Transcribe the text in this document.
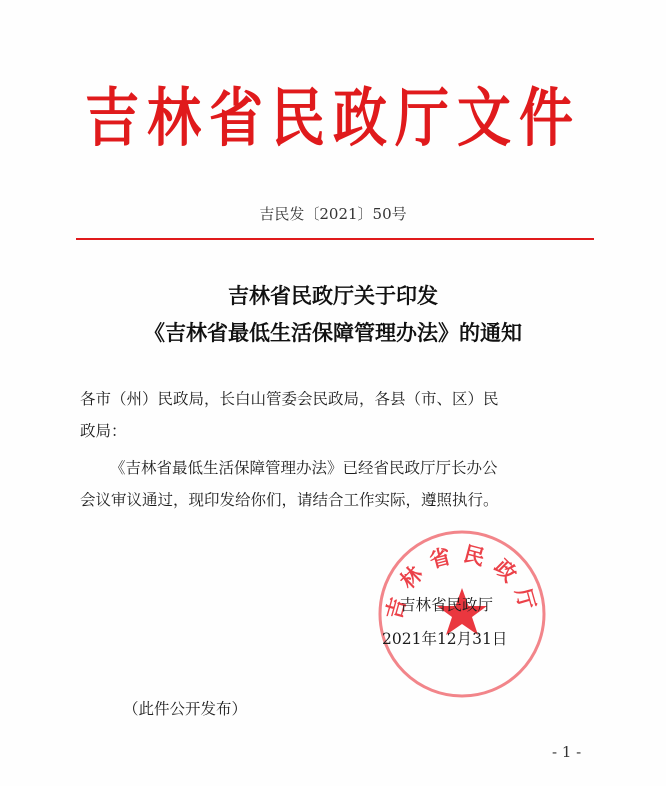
吉林省民政厅文件
吉民发〔2021〕50号
吉林省民政厅关于印发
《吉林省最低生活保障管理办法》的通知
各市（州）民政局，长白山管委会民政局，各县（市、区）民
政局：
《吉林省最低生活保障管理办法》已经省民政厅厅长办公
会议审议通过，现印发给你们，请结合工作实际，遵照执行。
吉林省民政厅
吉林省民政厅
2021年12月31日
（此件公开发布）
- 1 -
